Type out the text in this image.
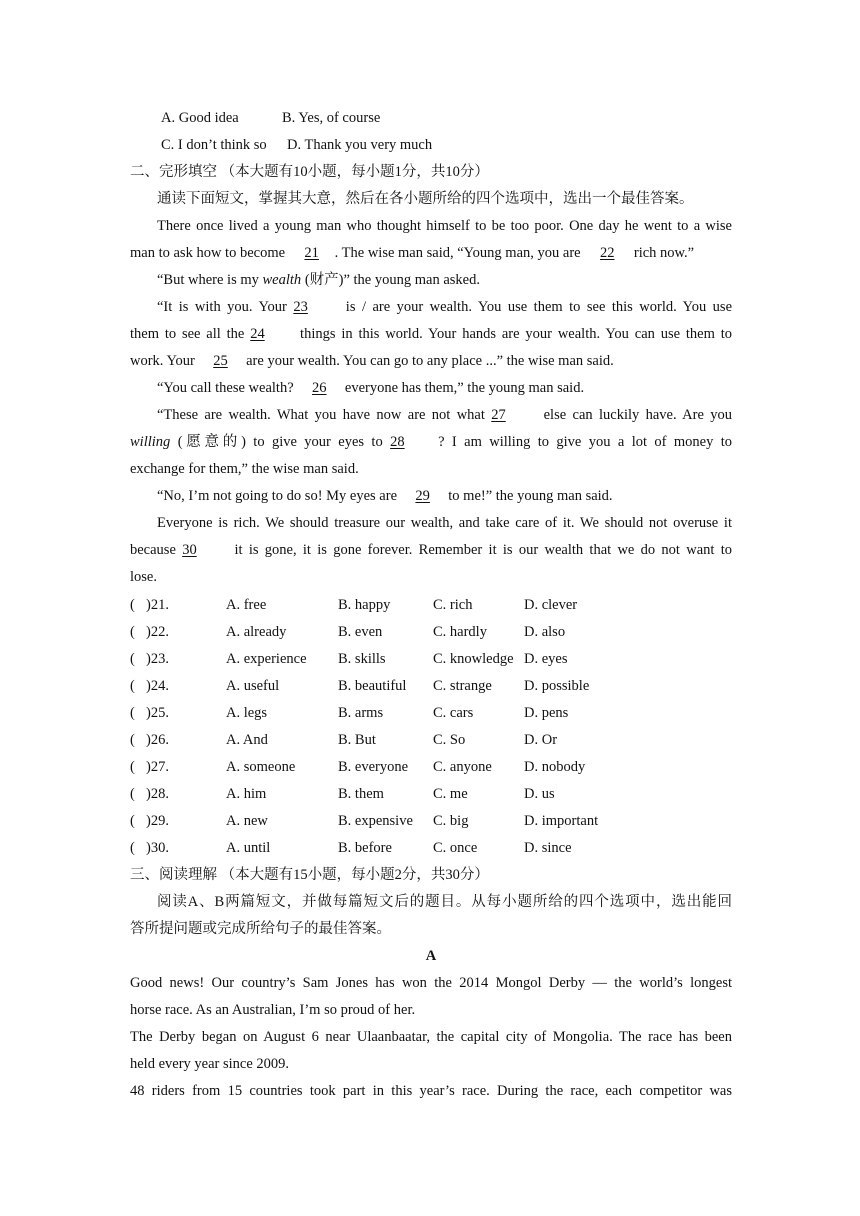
A. Good idea	B. Yes, of course
C. I don’t think so D. Thank you very much
二、完形填空 （本大题有10小题，每小题1分，共10分）
通读下面短文，掌握其大意，然后在各小题所给的四个选项中，选出一个最佳答案。
There once lived a young man who thought himself to be too poor. One day he went to a wise
man to ask how to become 21 . The wise man said, “Young man, you are 22 rich now.”
“But where is my wealth (财产)” the young man asked.
“It is with you. Your 23	is / are your wealth. You use them to see this world. You use
them to see all the 24 things in this world. Your hands are your wealth. You can use them to
work. Your 25 are your wealth. You can go to any place ...” the wise man said.
“You call these wealth? 26 everyone has them,” the young man said.
“These are wealth. What you have now are not what 27	else can luckily have. Are you
willing (愿意的) to give your eyes to 28 ? I am willing to give you a lot of money to
exchange for them,” the wise man said.
“No, I’m not going to do so! My eyes are 29 to me!” the young man said.
Everyone is rich. We should treasure our wealth, and take care of it. We should not overuse it
because 30	it is gone, it is gone forever. Remember it is our wealth that we do not want to
lose.
( )21.	A. free	B. happy	C. rich	D. clever
( )22.	A. already	B. even	C. hardly	D. also
( )23.	A. experience B. skills	C. knowledge D. eyes
( )24.	A. useful	B. beautiful C. strange D. possible
( )25.	A. legs	B. arms	C. cars	D. pens
( )26.	A. And	B. But	C. So	D. Or
( )27.	A. someone	B. everyone C. anyone D. nobody
( )28.	A. him	B. them	C. me	D. us
( )29.	A. new	B. expensive C. big	D. important
( )30.	A. until	B. before	C. once	D. since
三、阅读理解 （本大题有15小题，每小题2分，共30分）
阅读A、B两篇短文，并做每篇短文后的题目。从每小题所给的四个选项中，选出能回
答所提问题或完成所给句子的最佳答案。
A
Good news! Our country’s Sam Jones has won the 2014 Mongol Derby — the world’s longest
horse race. As an Australian, I’m so proud of her.
The Derby began on August 6 near Ulaanbaatar, the capital city of Mongolia. The race has been
held every year since 2009.
48 riders from 15 countries took part in this year’s race. During the race, each competitor was
